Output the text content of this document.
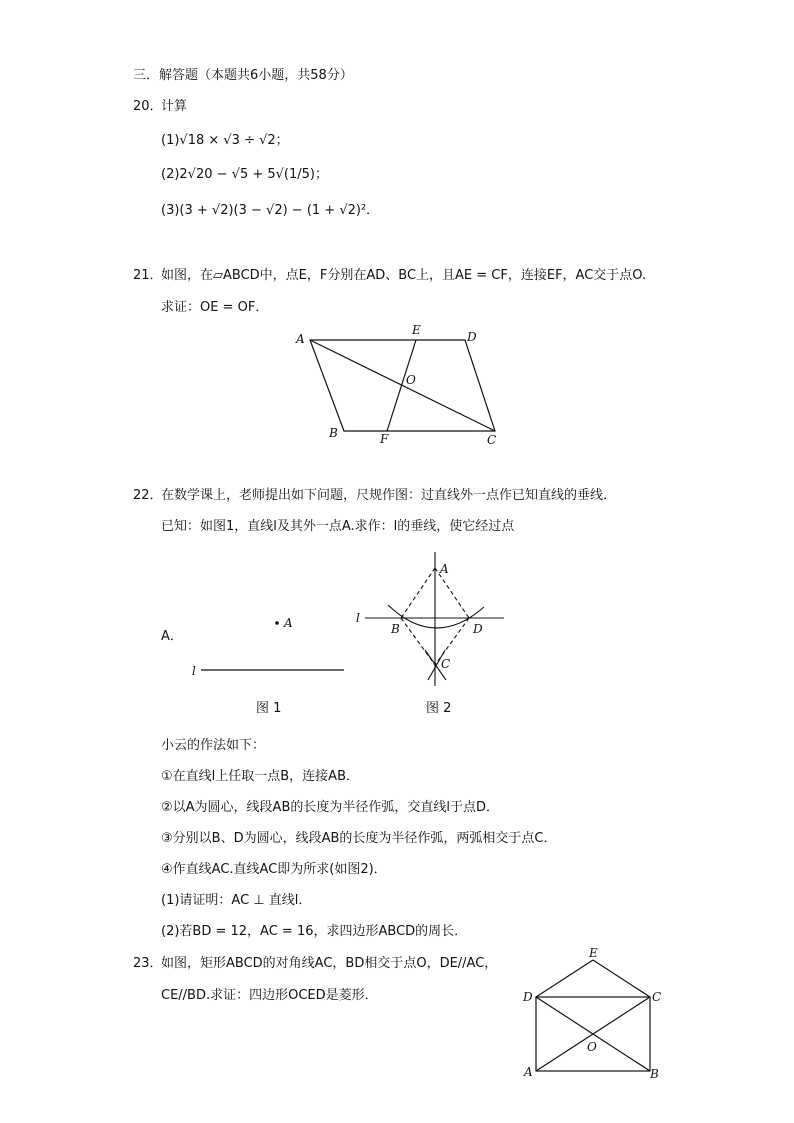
三．解答题（本题共6小题，共58分）
20．
计算
(1)√18 × √3 ÷ √2；
(2)2√20 − √5 + 5√(1/5)；
(3)(3 + √2)(3 − √2) − (1 + √2)²．
21．
如图，在▱ABCD中，点E，F分别在AD、BC上，且AE = CF，连接EF，AC交于点O.
求证：OE = OF．
A	D
E
O
B	F	C
22．
在数学课上，老师提出如下问题，尺规作图：过直线外一点作已知直线的垂线．
已知：如图1，直线l及其外一点A.求作：l的垂线，使它经过点
A．
A
l
图 1
A
l
B	D
C
图 2
小云的作法如下：
①在直线l上任取一点B，连接AB．
②以A为圆心，线段AB的长度为半径作弧，交直线l于点D．
③分别以B、D为圆心，线段AB的长度为半径作弧，两弧相交于点C．
④作直线AC.直线AC即为所求(如图2)．
(1)请证明：AC ⊥ 直线l．
(2)若BD = 12，AC = 16，求四边形ABCD的周长．
23．
如图，矩形ABCD的对角线AC，BD相交于点O，DE//AC，
CE//BD.求证：四边形OCED是菱形．
E
D	C
O
A	B
